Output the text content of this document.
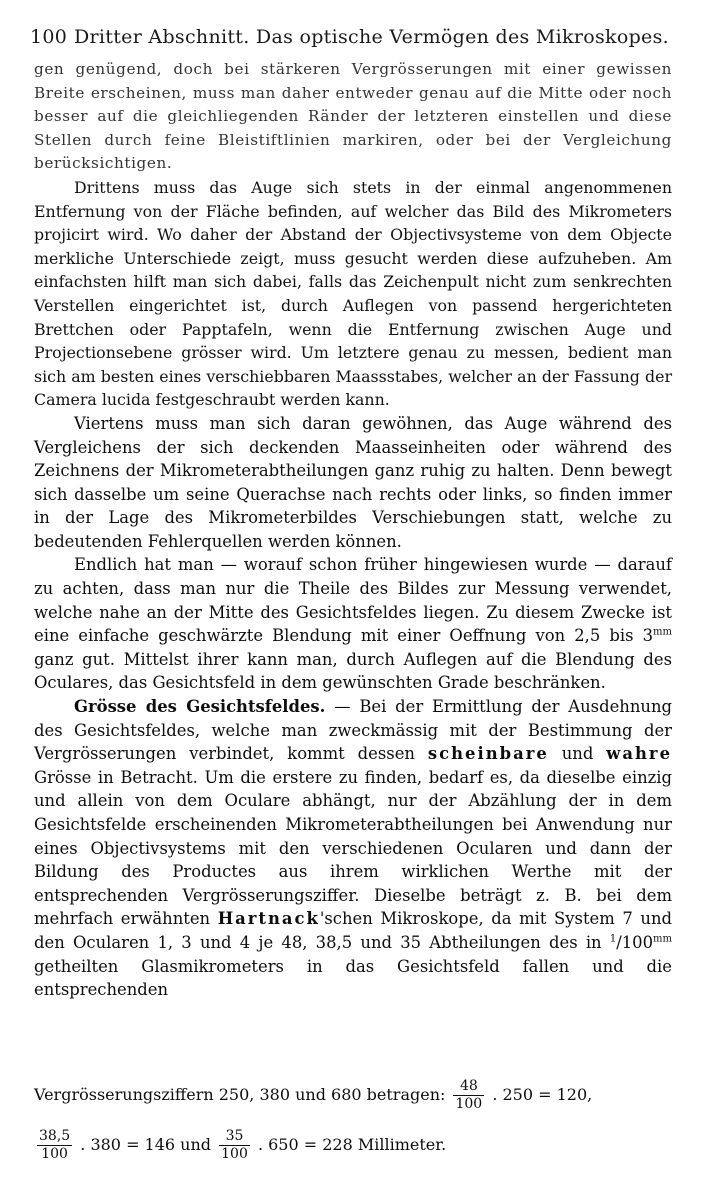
100 Dritter Abschnitt. Das optische Vermögen des Mikroskopes.

gen genügend, doch bei stärkeren Vergrösserungen mit einer gewissen Breite erscheinen, muss man daher entweder genau auf die Mitte oder noch besser auf die gleichliegenden Ränder der letzteren einstellen und diese Stellen durch feine Bleistiftlinien markiren, oder bei der Vergleichung berücksichtigen.

Drittens muss das Auge sich stets in der einmal angenommenen Entfernung von der Fläche befinden, auf welcher das Bild des Mikrometers projicirt wird. Wo daher der Abstand der Objectivsysteme von dem Objecte merkliche Unterschiede zeigt, muss gesucht werden diese aufzuheben. Am einfachsten hilft man sich dabei, falls das Zeichenpult nicht zum senkrechten Verstellen eingerichtet ist, durch Auflegen von passend hergerichteten Brettchen oder Papptafeln, wenn die Entfernung zwischen Auge und Projectionsebene grösser wird. Um letztere genau zu messen, bedient man sich am besten eines verschiebbaren Maassstabes, welcher an der Fassung der Camera lucida festgeschraubt werden kann.

Viertens muss man sich daran gewöhnen, das Auge während des Vergleichens der sich deckenden Maasseinheiten oder während des Zeichnens der Mikrometerabtheilungen ganz ruhig zu halten. Denn bewegt sich dasselbe um seine Querachse nach rechts oder links, so finden immer in der Lage des Mikrometerbildes Verschiebungen statt, welche zu bedeutenden Fehlerquellen werden können.

Endlich hat man — worauf schon früher hingewiesen wurde — darauf zu achten, dass man nur die Theile des Bildes zur Messung verwendet, welche nahe an der Mitte des Gesichtsfeldes liegen. Zu diesem Zwecke ist eine einfache geschwärzte Blendung mit einer Oeffnung von 2,5 bis $3^{mm}$ ganz gut. Mittelst ihrer kann man, durch Auflegen auf die Blendung des Oculares, das Gesichtsfeld in dem gewünschten Grade beschränken.

Grösse des Gesichtsfeldes. — Bei der Ermittlung der Ausdehnung des Gesichtsfeldes, welche man zweckmässig mit der Bestimmung der Vergrösserungen verbindet, kommt dessen scheinbare und wahre Grösse in Betracht. Um die erstere zu finden, bedarf es, da dieselbe einzig und allein von dem Oculare abhängt, nur der Abzählung der in dem Gesichtsfelde erscheinenden Mikrometerabtheilungen bei Anwendung nur eines Objectivsystems mit den verschiedenen Ocularen und dann der Bildung des Productes aus ihrem wirklichen Werthe mit der entsprechenden Vergrösserungsziffer. Dieselbe beträgt z. B. bei dem mehrfach erwähnten Hartnack'schen Mikroskope, da mit System 7 und den Ocularen 1, 3 und 4 je 48, 38,5 und 35 Abtheilungen des in $^1/100^{mm}$ getheilten Glasmikrometers in das Gesichtsfeld fallen und die entsprechenden

Vergrösserungsziffern 250, 380 und 680 betragen: $\frac{48}{100}$ . 250 = 120,
$\frac{38,5}{100}$ . 380 = 146 und $\frac{35}{100}$ . 650 = 228 Millimeter.
